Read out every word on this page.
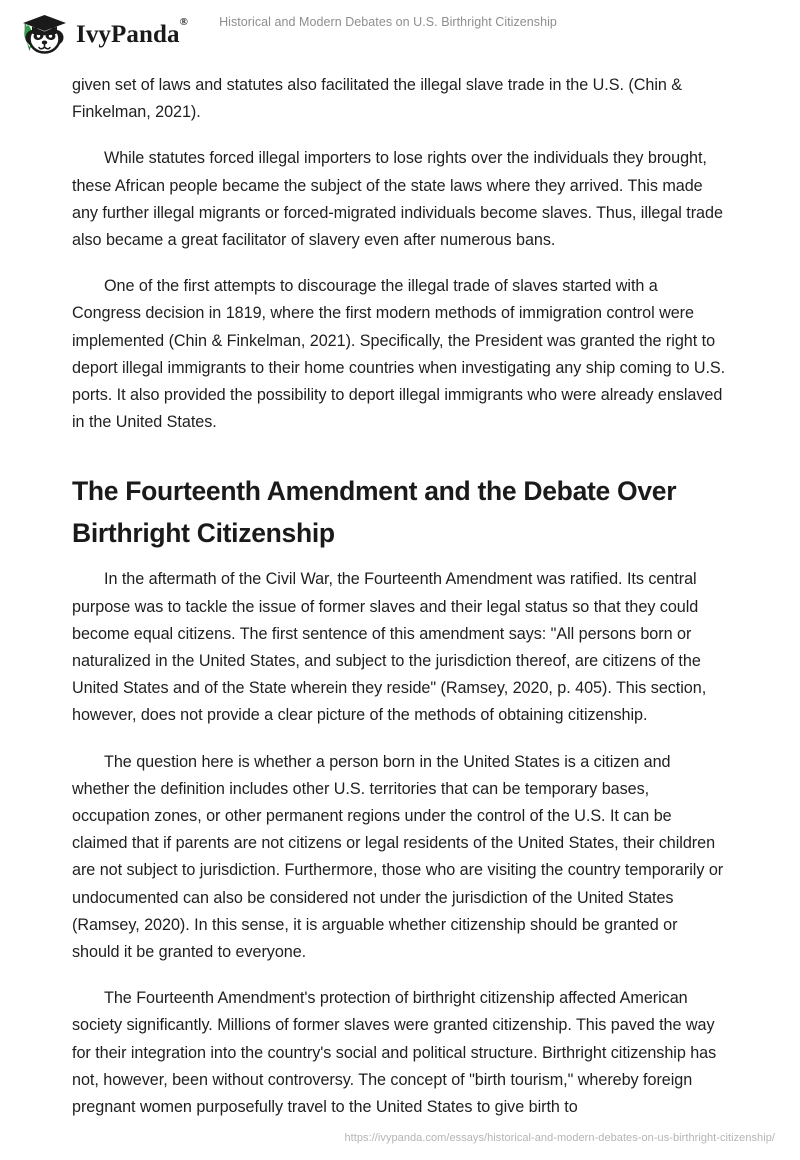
IvyPanda®	Historical and Modern Debates on U.S. Birthright Citizenship

given set of laws and statutes also facilitated the illegal slave trade in the U.S. (Chin & Finkelman, 2021).

While statutes forced illegal importers to lose rights over the individuals they brought, these African people became the subject of the state laws where they arrived. This made any further illegal migrants or forced-migrated individuals become slaves. Thus, illegal trade also became a great facilitator of slavery even after numerous bans.

One of the first attempts to discourage the illegal trade of slaves started with a Congress decision in 1819, where the first modern methods of immigration control were implemented (Chin & Finkelman, 2021). Specifically, the President was granted the right to deport illegal immigrants to their home countries when investigating any ship coming to U.S. ports. It also provided the possibility to deport illegal immigrants who were already enslaved in the United States.

The Fourteenth Amendment and the Debate Over Birthright Citizenship

In the aftermath of the Civil War, the Fourteenth Amendment was ratified. Its central purpose was to tackle the issue of former slaves and their legal status so that they could become equal citizens. The first sentence of this amendment says: "All persons born or naturalized in the United States, and subject to the jurisdiction thereof, are citizens of the United States and of the State wherein they reside" (Ramsey, 2020, p. 405). This section, however, does not provide a clear picture of the methods of obtaining citizenship.

The question here is whether a person born in the United States is a citizen and whether the definition includes other U.S. territories that can be temporary bases, occupation zones, or other permanent regions under the control of the U.S. It can be claimed that if parents are not citizens or legal residents of the United States, their children are not subject to jurisdiction. Furthermore, those who are visiting the country temporarily or undocumented can also be considered not under the jurisdiction of the United States (Ramsey, 2020). In this sense, it is arguable whether citizenship should be granted or should it be granted to everyone.

The Fourteenth Amendment's protection of birthright citizenship affected American society significantly. Millions of former slaves were granted citizenship. This paved the way for their integration into the country's social and political structure. Birthright citizenship has not, however, been without controversy. The concept of "birth tourism," whereby foreign pregnant women purposefully travel to the United States to give birth to

https://ivypanda.com/essays/historical-and-modern-debates-on-us-birthright-citizenship/
